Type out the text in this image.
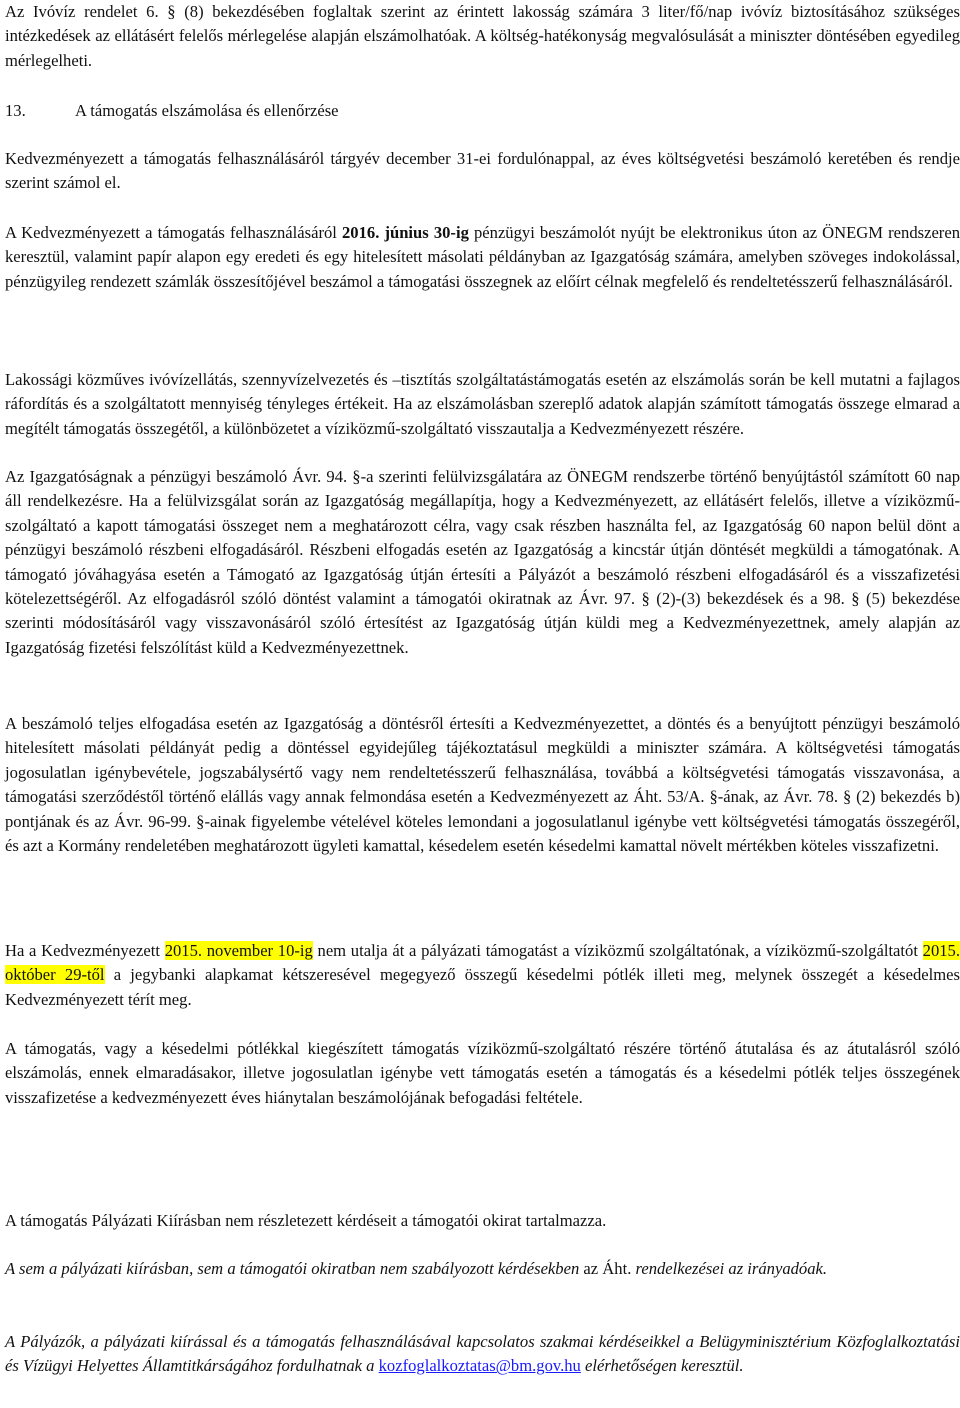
Az Ivóvíz rendelet 6. § (8) bekezdésében foglaltak szerint az érintett lakosság számára 3 liter/fő/nap ivóvíz biztosításához szükséges intézkedések az ellátásért felelős mérlegelése alapján elszámolhatóak. A költség-hatékonyság megvalósulását a miniszter döntésében egyedileg mérlegelheti.

13.	A támogatás elszámolása és ellenőrzése

Kedvezményezett a támogatás felhasználásáról tárgyév december 31-ei fordulónappal, az éves költségvetési beszámoló keretében és rendje szerint számol el.

A Kedvezményezett a támogatás felhasználásáról 2016. június 30-ig pénzügyi beszámolót nyújt be elektronikus úton az ÖNEGM rendszeren keresztül, valamint papír alapon egy eredeti és egy hitelesített másolati példányban az Igazgatóság számára, amelyben szöveges indokolással, pénzügyileg rendezett számlák összesítőjével beszámol a támogatási összegnek az előírt célnak megfelelő és rendeltetésszerű felhasználásáról.

Lakossági közműves ivóvízellátás, szennyvízelvezetés és –tisztítás szolgáltatástámogatás esetén az elszámolás során be kell mutatni a fajlagos ráfordítás és a szolgáltatott mennyiség tényleges értékeit. Ha az elszámolásban szereplő adatok alapján számított támogatás összege elmarad a megítélt támogatás összegétől, a különbözetet a víziközmű-szolgáltató visszautalja a Kedvezményezett részére.

Az Igazgatóságnak a pénzügyi beszámoló Ávr. 94. §-a szerinti felülvizsgálatára az ÖNEGM rendszerbe történő benyújtástól számított 60 nap áll rendelkezésre. Ha a felülvizsgálat során az Igazgatóság megállapítja, hogy a Kedvezményezett, az ellátásért felelős, illetve a víziközmű-szolgáltató a kapott támogatási összeget nem a meghatározott célra, vagy csak részben használta fel, az Igazgatóság 60 napon belül dönt a pénzügyi beszámoló részbeni elfogadásáról. Részbeni elfogadás esetén az Igazgatóság a kincstár útján döntését megküldi a támogatónak. A támogató jóváhagyása esetén a Támogató az Igazgatóság útján értesíti a Pályázót a beszámoló részbeni elfogadásáról és a visszafizetési kötelezettségéről. Az elfogadásról szóló döntést valamint a támogatói okiratnak az Ávr. 97. § (2)-(3) bekezdések és a 98. § (5) bekezdése szerinti módosításáról vagy visszavonásáról szóló értesítést az Igazgatóság útján küldi meg a Kedvezményezettnek, amely alapján az Igazgatóság fizetési felszólítást küld a Kedvezményezettnek.

A beszámoló teljes elfogadása esetén az Igazgatóság a döntésről értesíti a Kedvezményezettet, a döntés és a benyújtott pénzügyi beszámoló hitelesített másolati példányát pedig a döntéssel egyidejűleg tájékoztatásul megküldi a miniszter számára. A költségvetési támogatás jogosulatlan igénybevétele, jogszabálysértő vagy nem rendeltetésszerű felhasználása, továbbá a költségvetési támogatás visszavonása, a támogatási szerződéstől történő elállás vagy annak felmondása esetén a Kedvezményezett az Áht. 53/A. §-ának, az Ávr. 78. § (2) bekezdés b) pontjának és az Ávr. 96-99. §-ainak figyelembe vételével köteles lemondani a jogosulatlanul igénybe vett költségvetési támogatás összegéről, és azt a Kormány rendeletében meghatározott ügyleti kamattal, késedelem esetén késedelmi kamattal növelt mértékben köteles visszafizetni.

Ha a Kedvezményezett 2015. november 10-ig nem utalja át a pályázati támogatást a víziközmű szolgáltatónak, a víziközmű-szolgáltatót 2015. október 29-től a jegybanki alapkamat kétszeresével megegyező összegű késedelmi pótlék illeti meg, melynek összegét a késedelmes Kedvezményezett térít meg.

A támogatás, vagy a késedelmi pótlékkal kiegészített támogatás víziközmű-szolgáltató részére történő átutalása és az átutalásról szóló elszámolás, ennek elmaradásakor, illetve jogosulatlan igénybe vett támogatás esetén a támogatás és a késedelmi pótlék teljes összegének visszafizetése a kedvezményezett éves hiánytalan beszámolójának befogadási feltétele.

A támogatás Pályázati Kiírásban nem részletezett kérdéseit a támogatói okirat tartalmazza.

A sem a pályázati kiírásban, sem a támogatói okiratban nem szabályozott kérdésekben az Áht. rendelkezései az irányadóak.

A Pályázók, a pályázati kiírással és a támogatás felhasználásával kapcsolatos szakmai kérdéseikkel a Belügyminisztérium Közfoglalkoztatási és Vízügyi Helyettes Államtitkárságához fordulhatnak a kozfoglalkoztatas@bm.gov.hu elérhetőségen keresztül.
